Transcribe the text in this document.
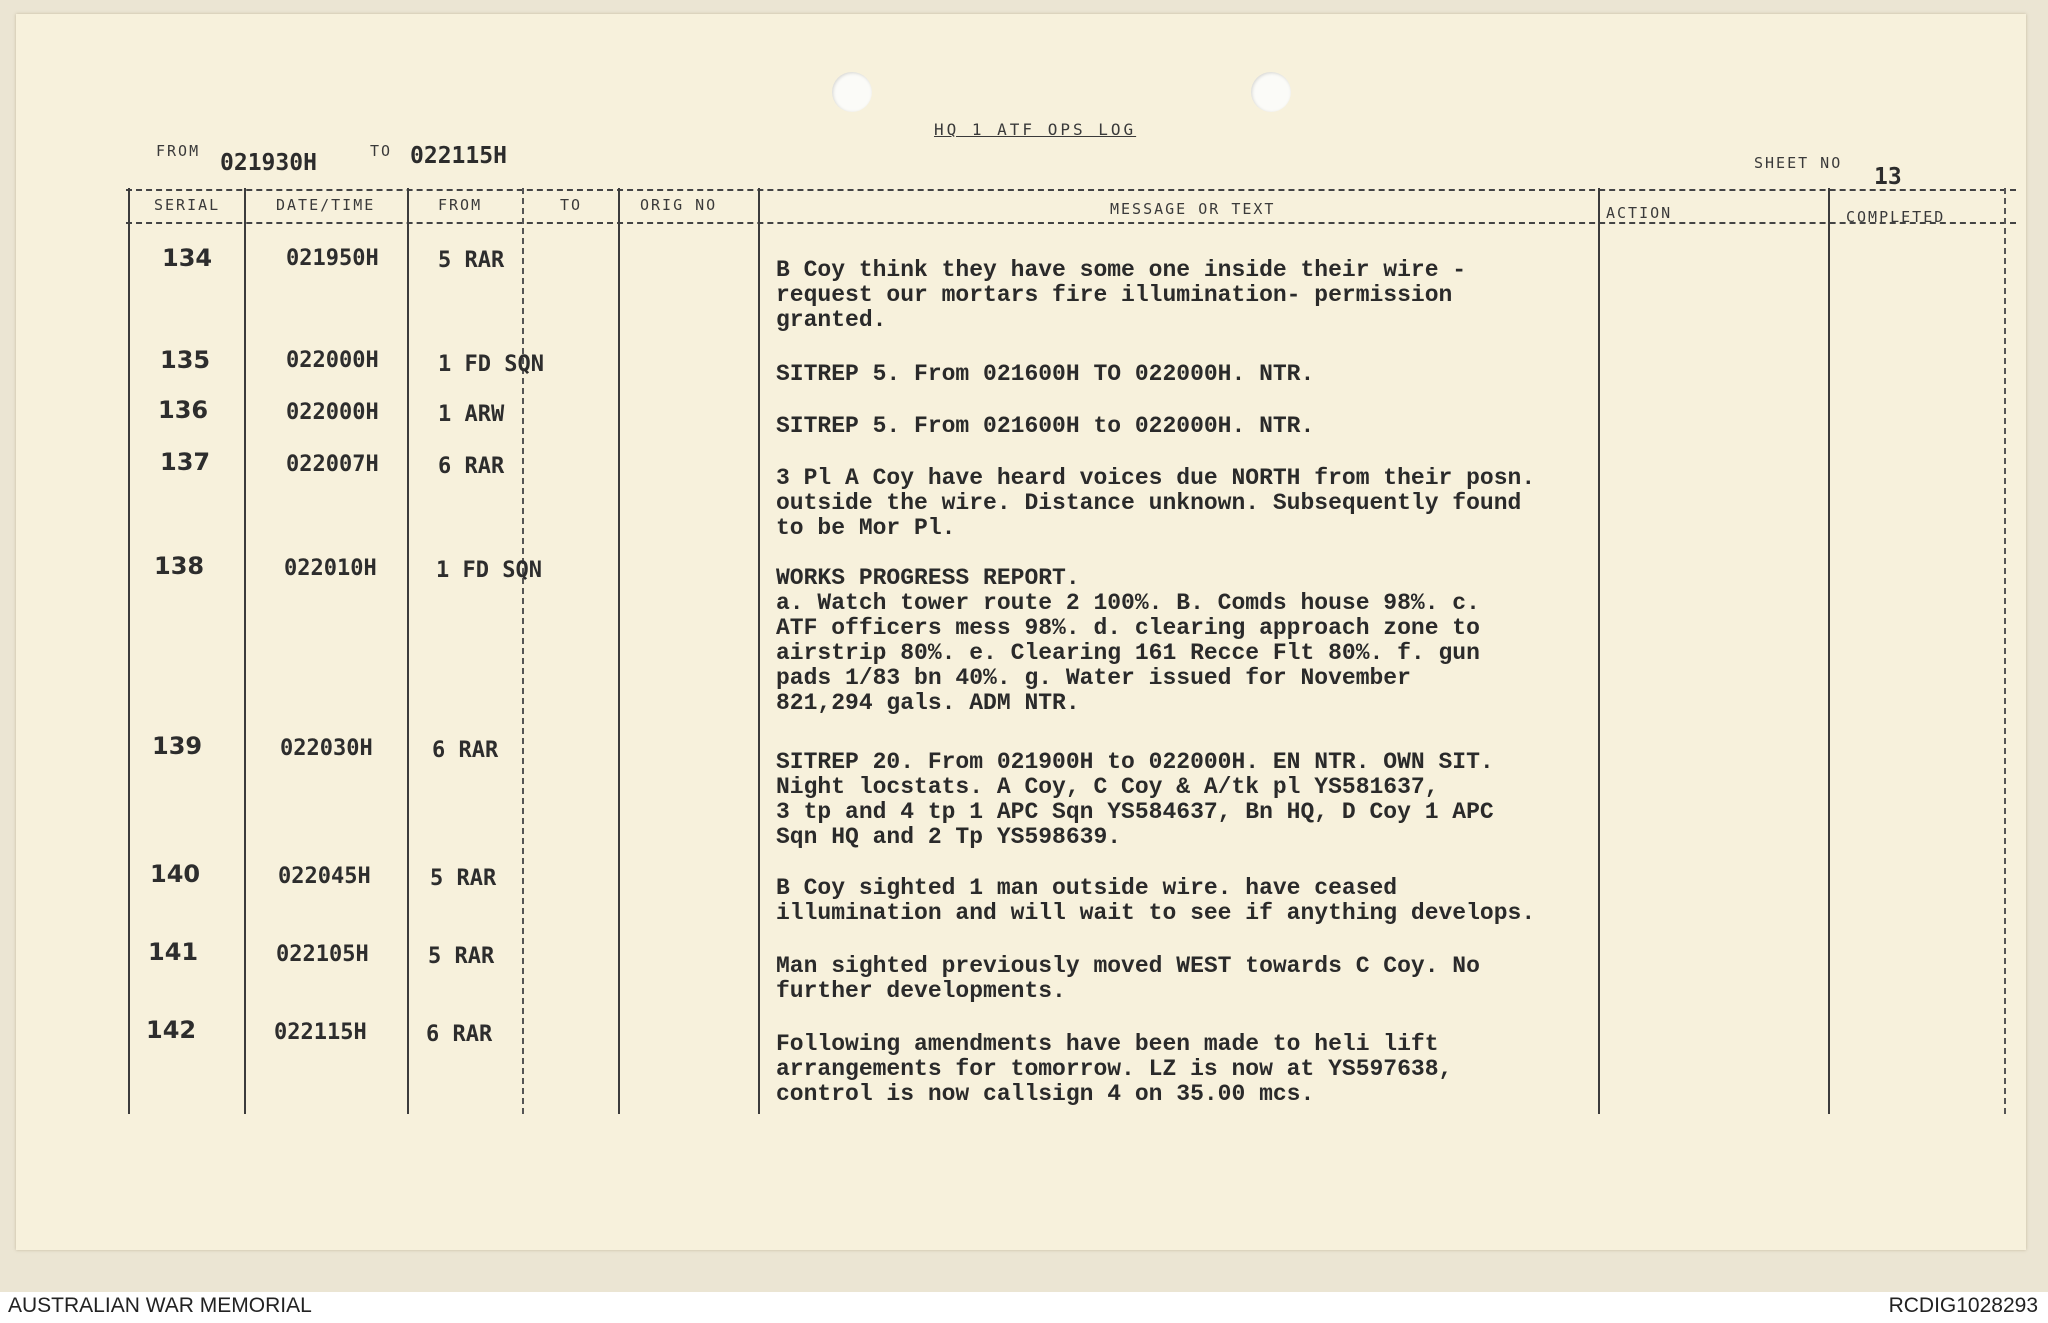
HQ 1 ATF OPS LOG
FROM 021930H	TO 022115H	SHEET NO
13
SERIAL	DATE/TIME	FROM	TO	ORIG NO	MESSAGE OR TEXT	ACTION	COMPLETED
134	021950H	5 RAR	B Coy think they have some one inside their wire -
request our mortars fire illumination- permission
granted.
135	022000H	1 FD SQN	SITREP 5. From 021600H TO 022000H. NTR.
136	022000H	1 ARW	SITREP 5. From 021600H to 022000H. NTR.
137	022007H	6 RAR	3 Pl A Coy have heard voices due NORTH from their posn.
outside the wire. Distance unknown. Subsequently found
to be Mor Pl.
138	022010H	1 FD SQN	WORKS PROGRESS REPORT.
a. Watch tower route 2 100%. B. Comds house 98%. c.
ATF officers mess 98%. d. clearing approach zone to
airstrip 80%. e. Clearing 161 Recce Flt 80%. f. gun
pads 1/83 bn 40%. g. Water issued for November
821,294 gals. ADM NTR.
139	022030H	6 RAR	SITREP 20. From 021900H to 022000H. EN NTR. OWN SIT.
Night locstats. A Coy, C Coy & A/tk pl YS581637,
3 tp and 4 tp 1 APC Sqn YS584637, Bn HQ, D Coy 1 APC
Sqn HQ and 2 Tp YS598639.
140	022045H	5 RAR	B Coy sighted 1 man outside wire. have ceased
illumination and will wait to see if anything develops.
141	022105H	5 RAR	Man sighted previously moved WEST towards C Coy. No
further developments.
142	022115H	6 RAR	Following amendments have been made to heli lift
arrangements for tomorrow. LZ is now at YS597638,
control is now callsign 4 on 35.00 mcs.
AUSTRALIAN WAR MEMORIAL	RCDIG1028293
